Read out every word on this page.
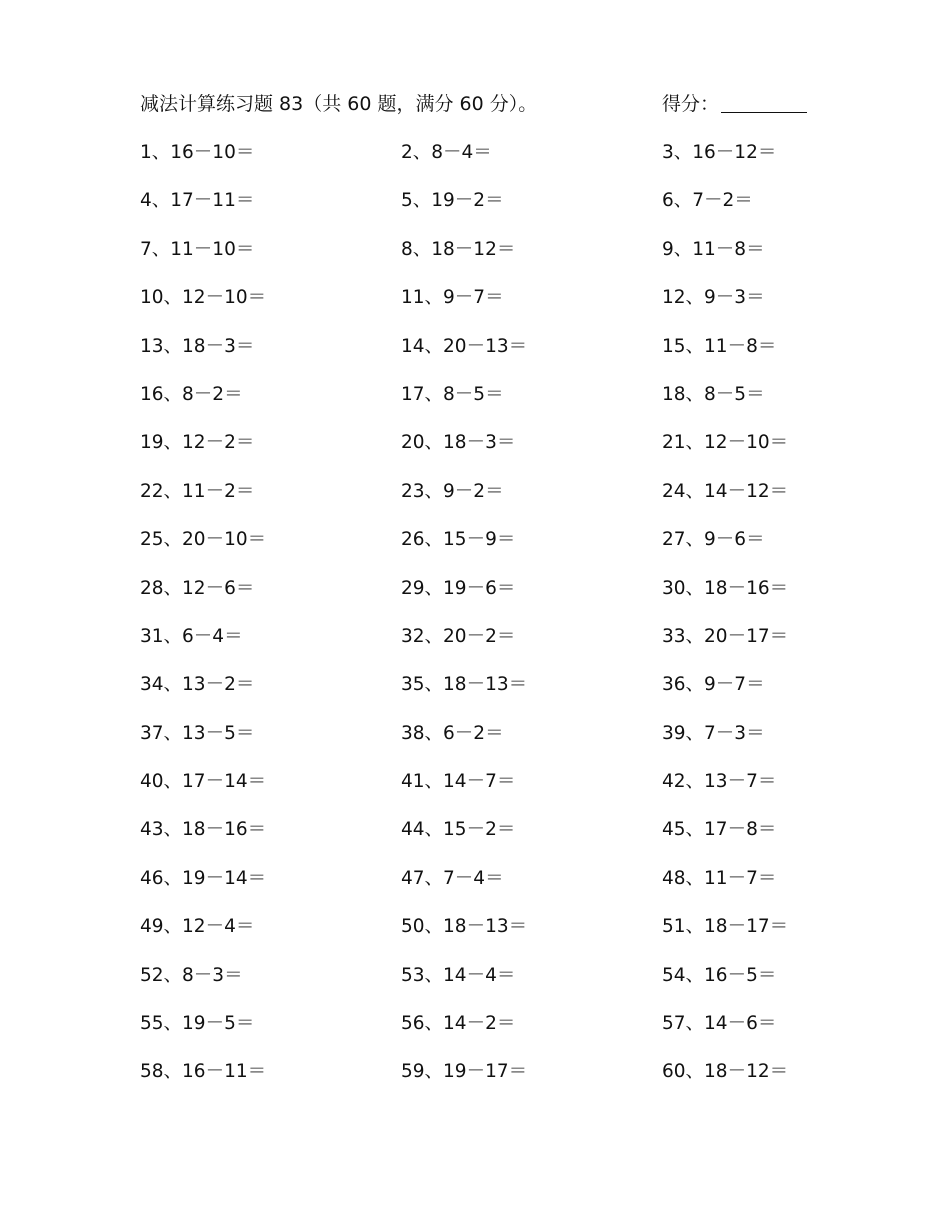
减法计算练习题 83（共 60 题，满分 60 分）。	得分：
1、16－10＝	2、8－4＝	3、16－12＝
4、17－11＝	5、19－2＝	6、7－2＝
7、11－10＝	8、18－12＝	9、11－8＝
10、12－10＝	11、9－7＝	12、9－3＝
13、18－3＝	14、20－13＝	15、11－8＝
16、8－2＝	17、8－5＝	18、8－5＝
19、12－2＝	20、18－3＝	21、12－10＝
22、11－2＝	23、9－2＝	24、14－12＝
25、20－10＝	26、15－9＝	27、9－6＝
28、12－6＝	29、19－6＝	30、18－16＝
31、6－4＝	32、20－2＝	33、20－17＝
34、13－2＝	35、18－13＝	36、9－7＝
37、13－5＝	38、6－2＝	39、7－3＝
40、17－14＝	41、14－7＝	42、13－7＝
43、18－16＝	44、15－2＝	45、17－8＝
46、19－14＝	47、7－4＝	48、11－7＝
49、12－4＝	50、18－13＝	51、18－17＝
52、8－3＝	53、14－4＝	54、16－5＝
55、19－5＝	56、14－2＝	57、14－6＝
58、16－11＝	59、19－17＝	60、18－12＝
